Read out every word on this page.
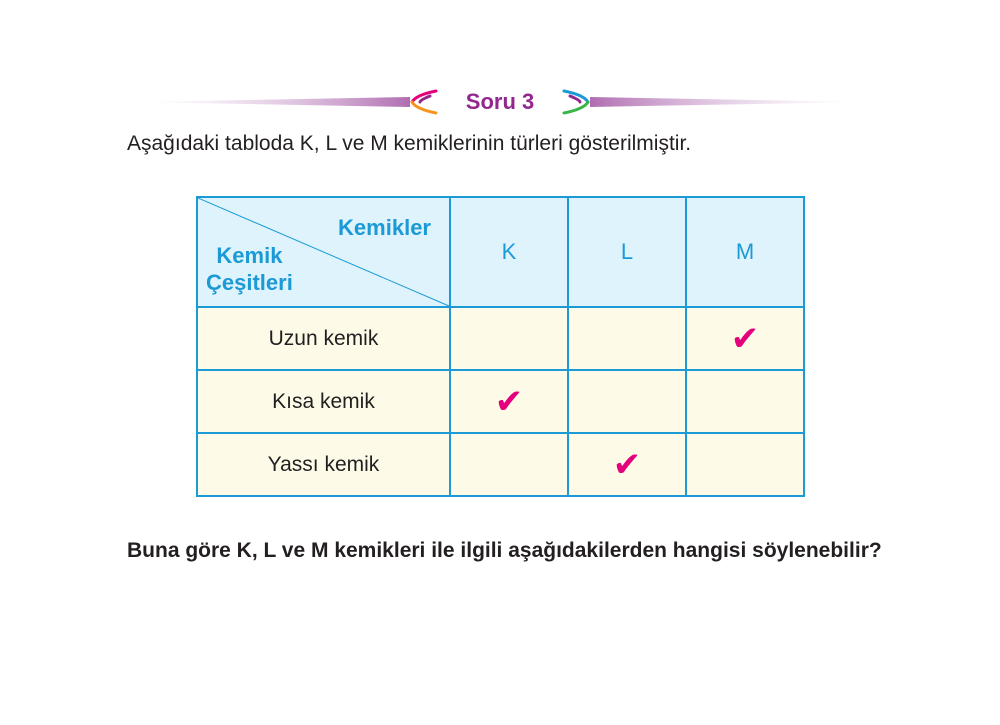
Soru 3
Aşağıdaki tabloda K, L ve M kemiklerinin türleri gösterilmiştir.
Kemikler
Kemik
Çeşitleri	K	L	M
Uzun kemik			✔
Kısa kemik	✔		
Yassı kemik		✔	
Buna göre K, L ve M kemikleri ile ilgili aşağıdakilerden hangisi söylenebilir?
